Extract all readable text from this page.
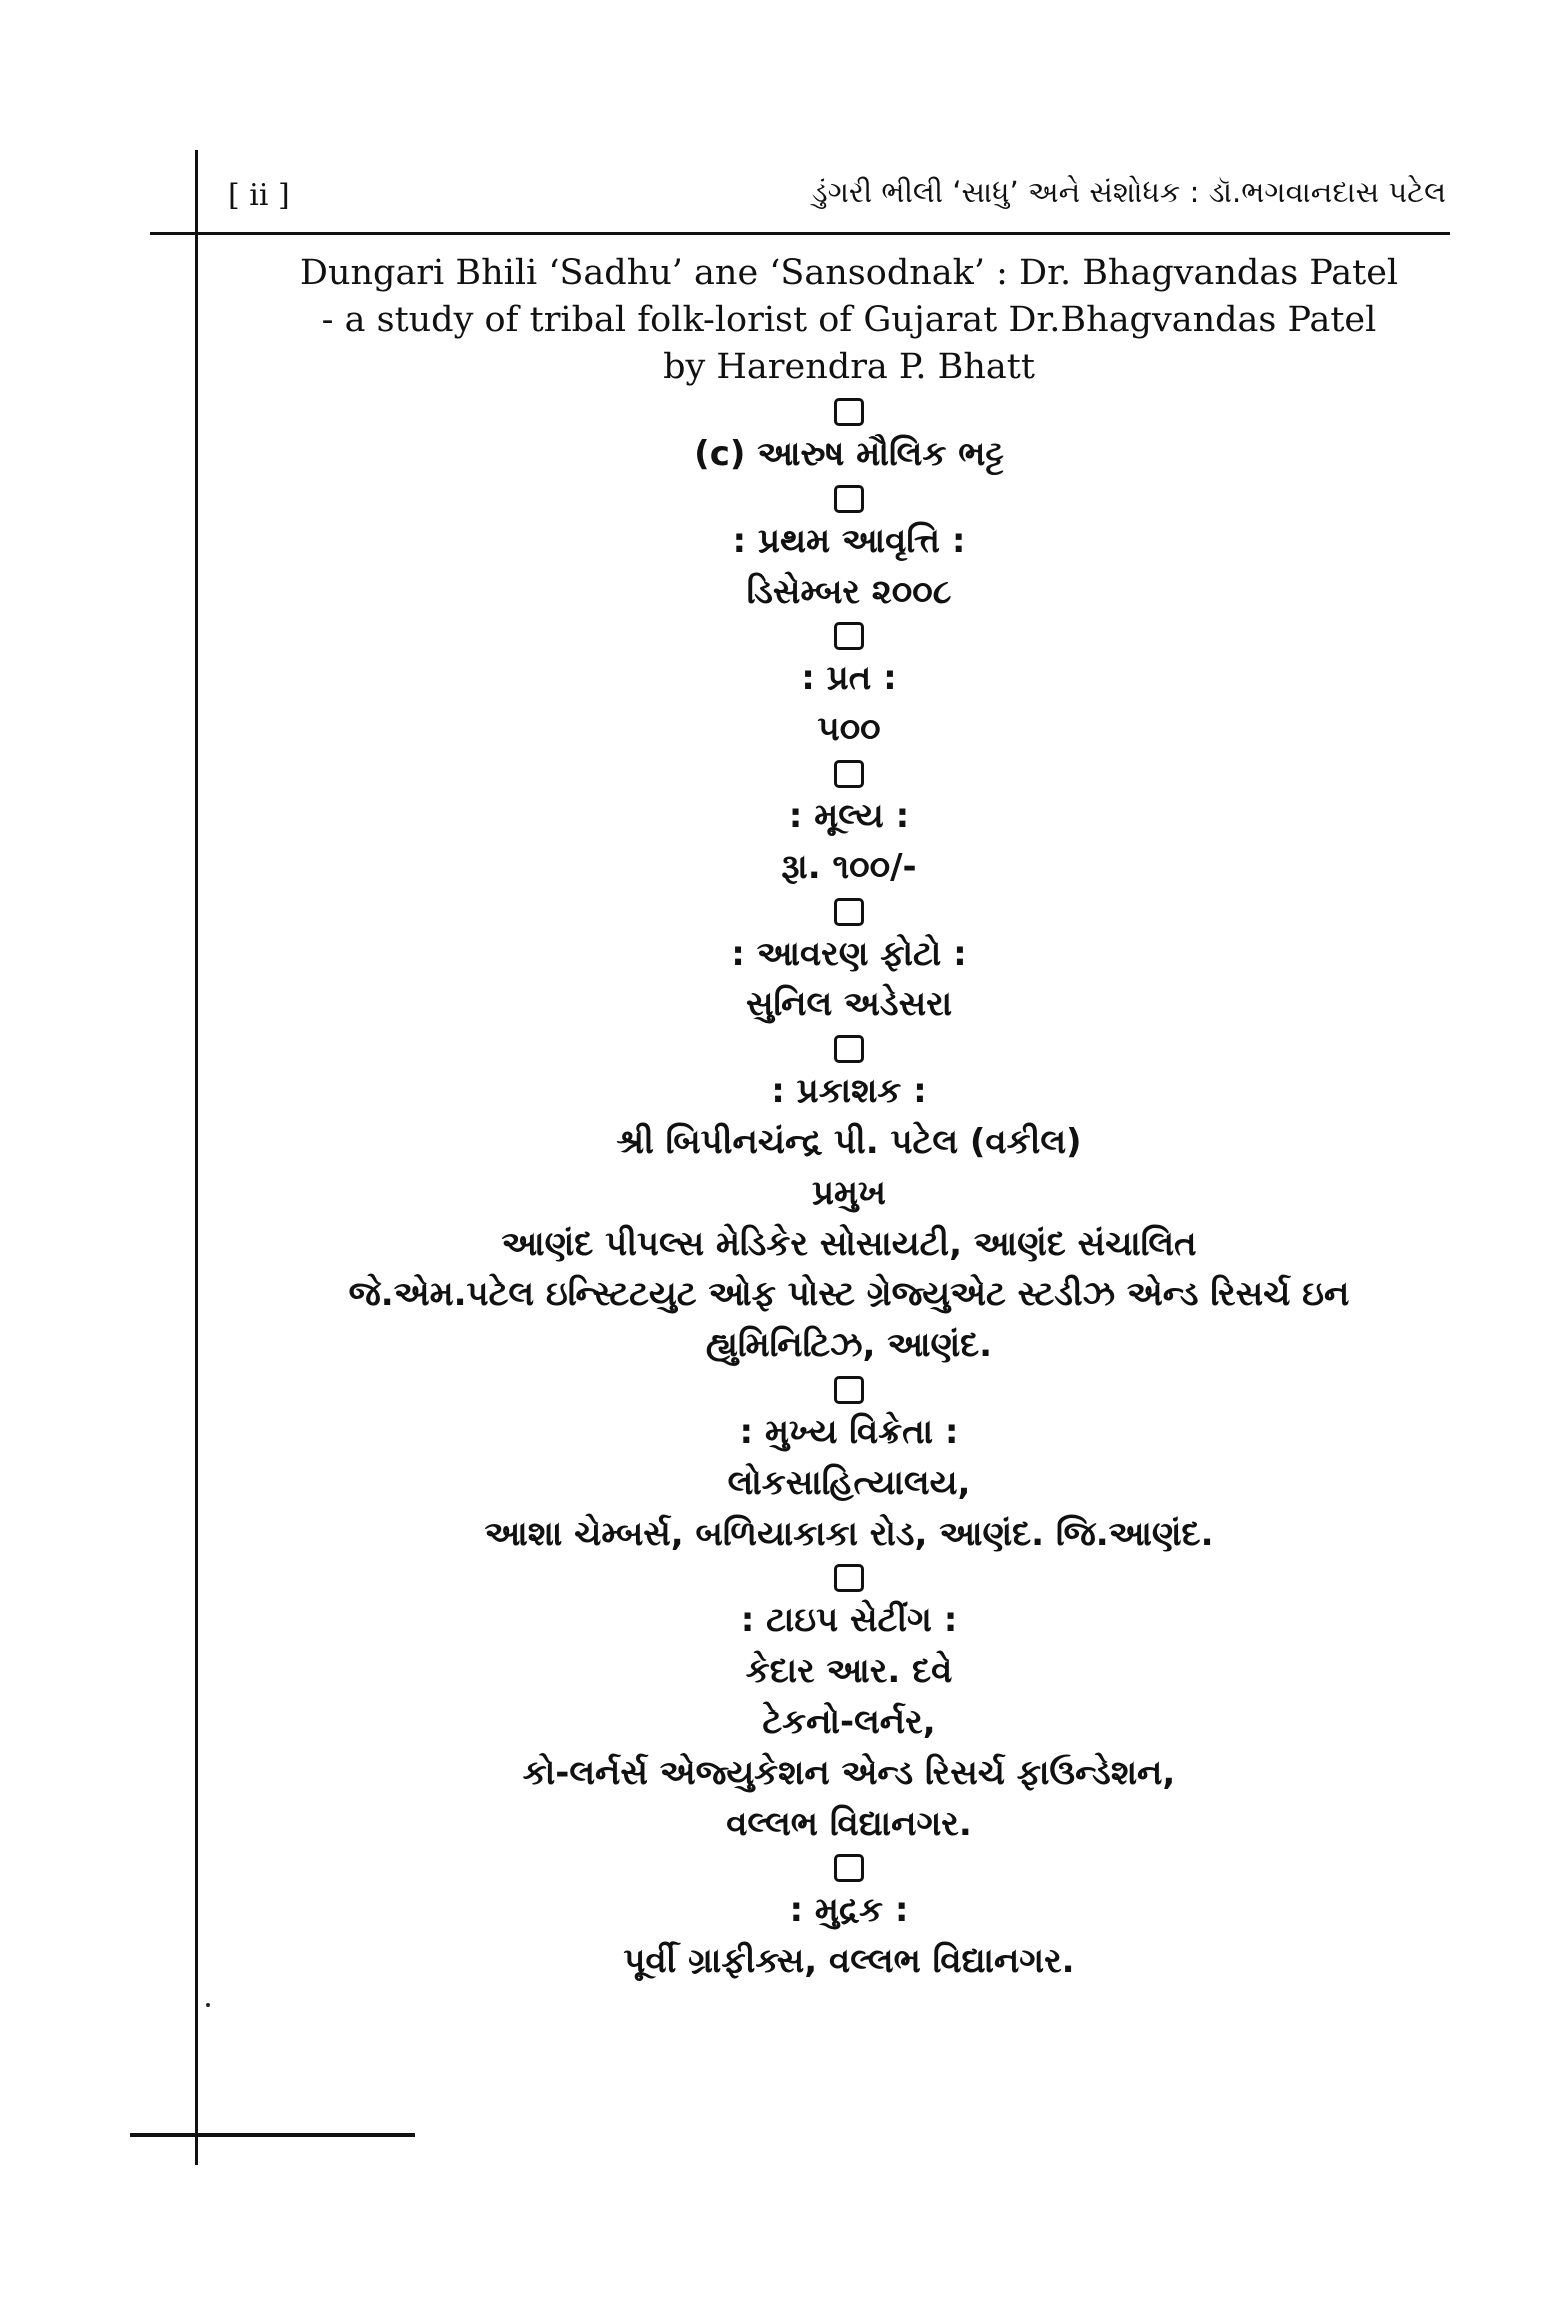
[ ii ]	ડુંગરી ભીલી ‘સાધુ’ અને સંશોધક : ડૉ.ભગવાનદાસ પટેલ
Dungari Bhili ‘Sadhu’ ane ‘Sansodnak’ : Dr. Bhagvandas Patel
- a study of tribal folk-lorist of Gujarat Dr.Bhagvandas Patel
by Harendra P. Bhatt
(c) આરુષ મૌલિક ભટ્ટ
: પ્રથમ આવૃત્તિ :
ડિસેમ્બર ૨૦૦૮
: પ્રત :
૫૦૦
: મૂલ્ય :
રૂા. ૧૦૦/-
: આવરણ ફોટો :
સુનિલ અડેસરા
: પ્રકાશક :
શ્રી બિપીનચંન્દ્ર પી. પટેલ (વકીલ)
પ્રમુખ
આણંદ પીપલ્સ મેડિકેર સોસાયટી, આણંદ સંચાલિત
જે.એમ.પટેલ ઇન્સ્ટિટયુટ ઓફ પોસ્ટ ગ્રેજ્યુએટ સ્ટડીઝ એન્ડ રિસર્ચ ઇન
હ્યુમિનિટિઝ, આણંદ.
: મુખ્ય વિક્રેતા :
લોકસાહિત્યાલય,
આશા ચેમ્બર્સ, બળિયાકાકા રોડ, આણંદ. જિ.આણંદ.
: ટાઇપ સેટીંગ :
કેદાર આર. દવે
ટેકનો-લર્નર,
કો-લર્નર્સ એજ્યુકેશન એન્ડ રિસર્ચ ફાઉન્ડેશન,
વલ્લભ વિદ્યાનગર.
: મુદ્રક :
પૂર્વી ગ્રાફીક્સ, વલ્લભ વિદ્યાનગર.
